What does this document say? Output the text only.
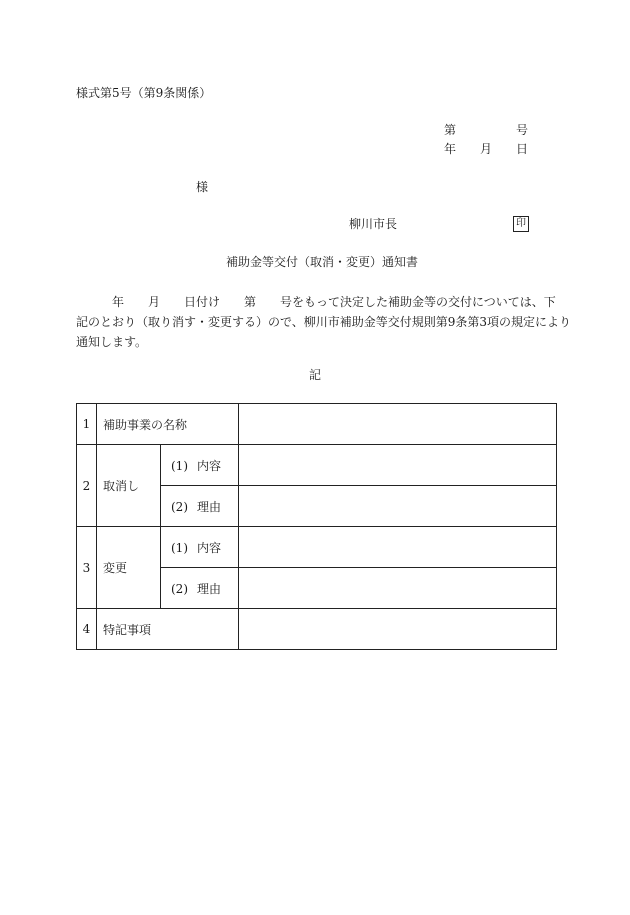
様式第5号（第9条関係）
第	号
年 月 日
様
柳川市長	印
補助金等交付（取消・変更）通知書
　　　年　　月　　日付け　　第　　号をもって決定した補助金等の交付については、下
記のとおり（取り消す・変更する）ので、柳川市補助金等交付規則第9条第3項の規定により
通知します。
記
1	補助事業の名称		
2	取消し	(1) 内容	
		(2) 理由	
3	変更	(1) 内容	
		(2) 理由	
4	特記事項		
